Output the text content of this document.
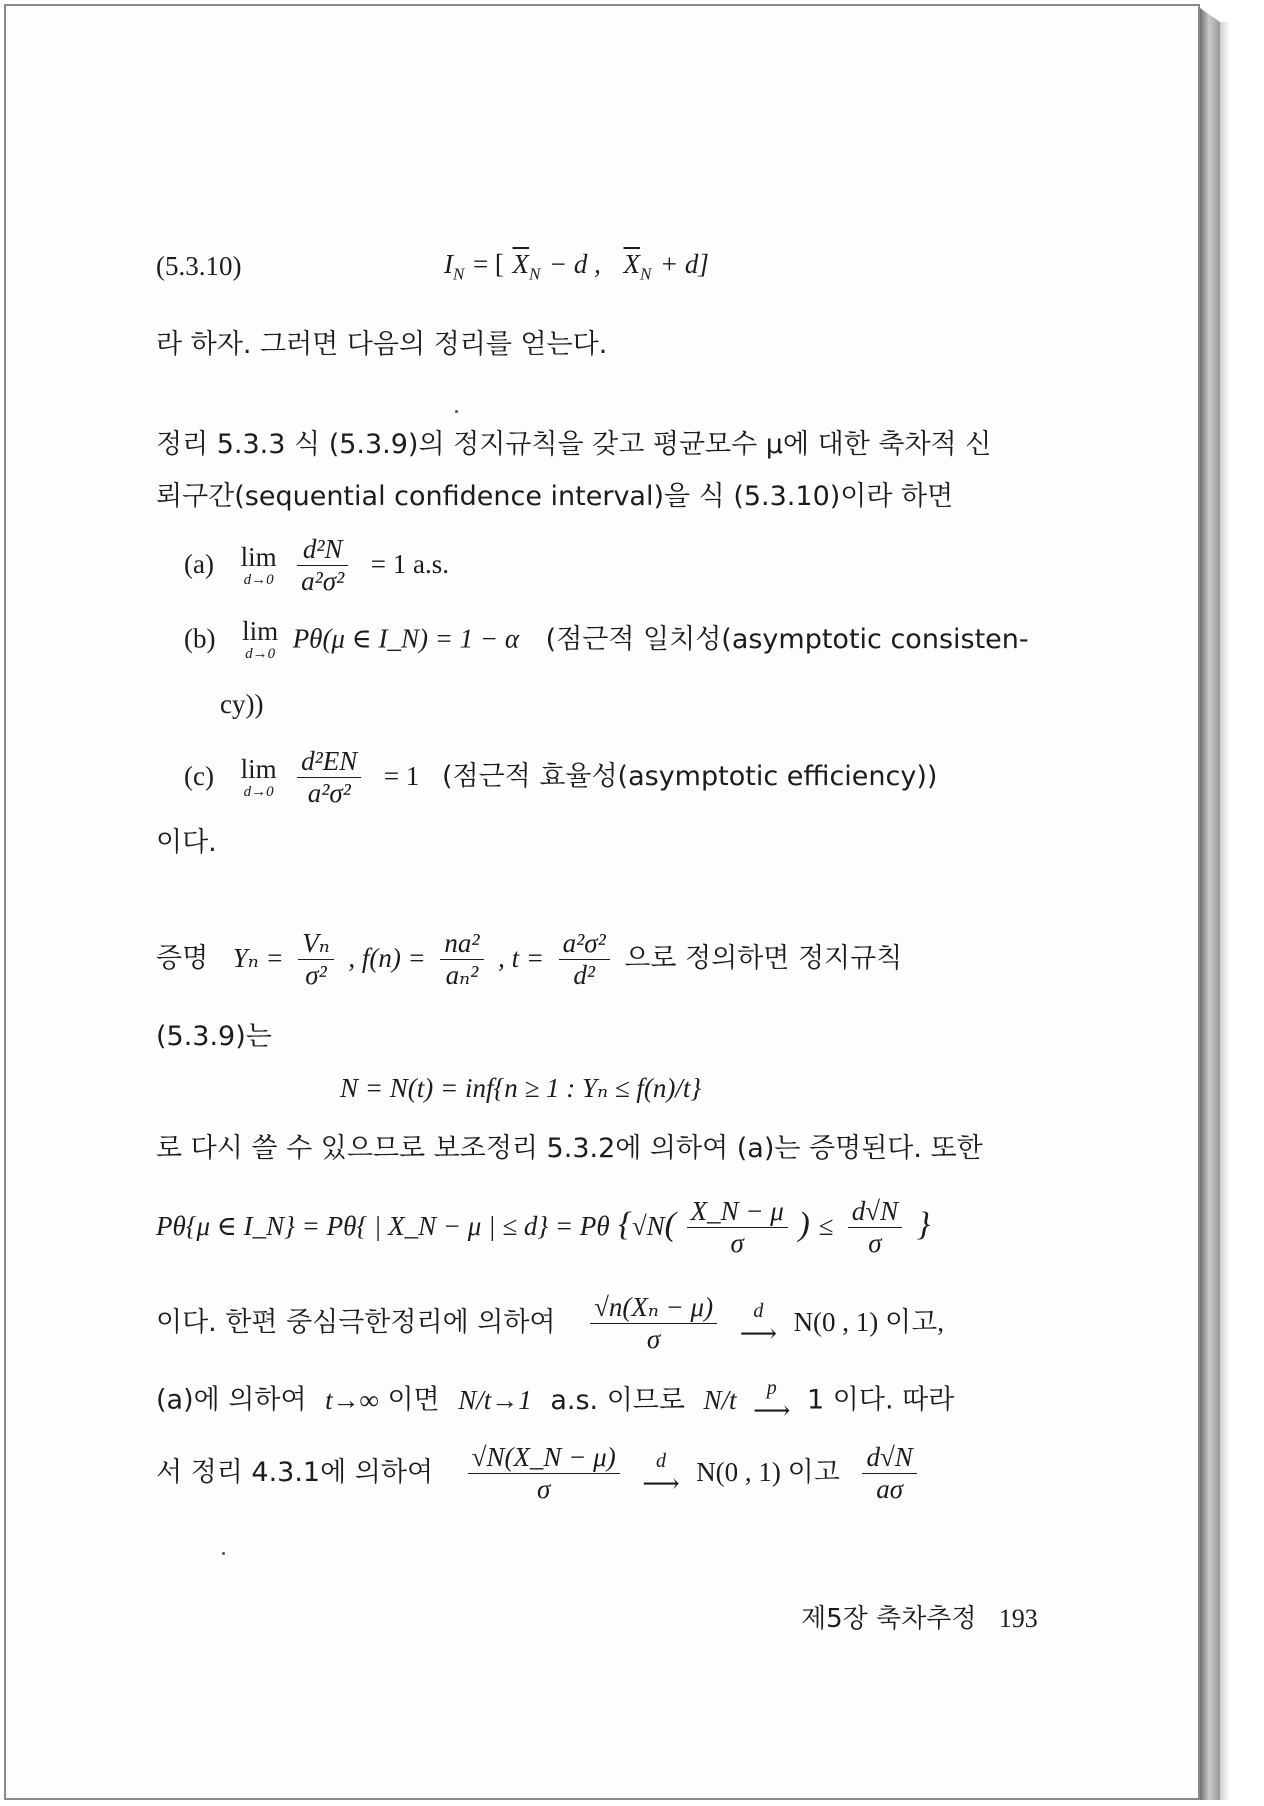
(5.3.10)	$I_N$ = [ $\overline{X}_N - d$ , $\overline{X}_N + d$]
라 하자. 그러면 다음의 정리를 얻는다.
정리 5.3.3 식 (5.3.9)의 정지규칙을 갖고 평균모수 μ에 대한 축차적 신
뢰구간(sequential confidence interval)을 식 (5.3.10)이라 하면
(a) lim
d→0
$\frac{\text{d²N}}{\text{a²σ²}} = 1$ a.s.
(b) lim
d→0
Pθ(μ ∈ I_N) = 1 − α (점근적 일치성(asymptotic consisten-
cy))
(c) lim
d→0
$\frac{\text{d²EN}}{\text{a²σ²}} = 1$ (점근적 효율성(asymptotic efficiency))
이다.
증명 $Y_n = \frac{\text{Vₙ}}{\text{σ²}}$ , $f(n) = \frac{\text{na²}}{\text{aₙ²}}$ , $t = \frac{\text{a²σ²}}{\text{d²}}$ 으로 정의하면 정지규칙
(5.3.9)는
N = N(t) = inf{n ≥ 1 : Yₙ ≤ f(n)/t}
로 다시 쓸 수 있으므로 보조정리 5.3.2에 의하여 (a)는 증명된다. 또한
Pθ{μ ∈ I_N} = Pθ{ | X_N − μ | ≤ d} = Pθ {$√N( \frac{X\_N - \mu}{\sigma}$ ) ≤ $\frac{d√N}{\sigma}$ }
이다. 한편 중심극한정리에 의하여 $\frac{\text{√n(Xₙ − μ)}}{\sigma}$
	d
⟶ N(0 , 1) 이고,
(a)에 의하여 t→∞ 이면 N/t→1 a.s. 이므로 N/t	p
⟶ 1 이다. 따라
서 정리 4.3.1에 의하여 $\frac{√N(X\_N - \mu)}{\sigma}$
	d
⟶ N(0 , 1) 이고 $\frac{d√N}{a\sigma}$
제5장 축차추정 193
